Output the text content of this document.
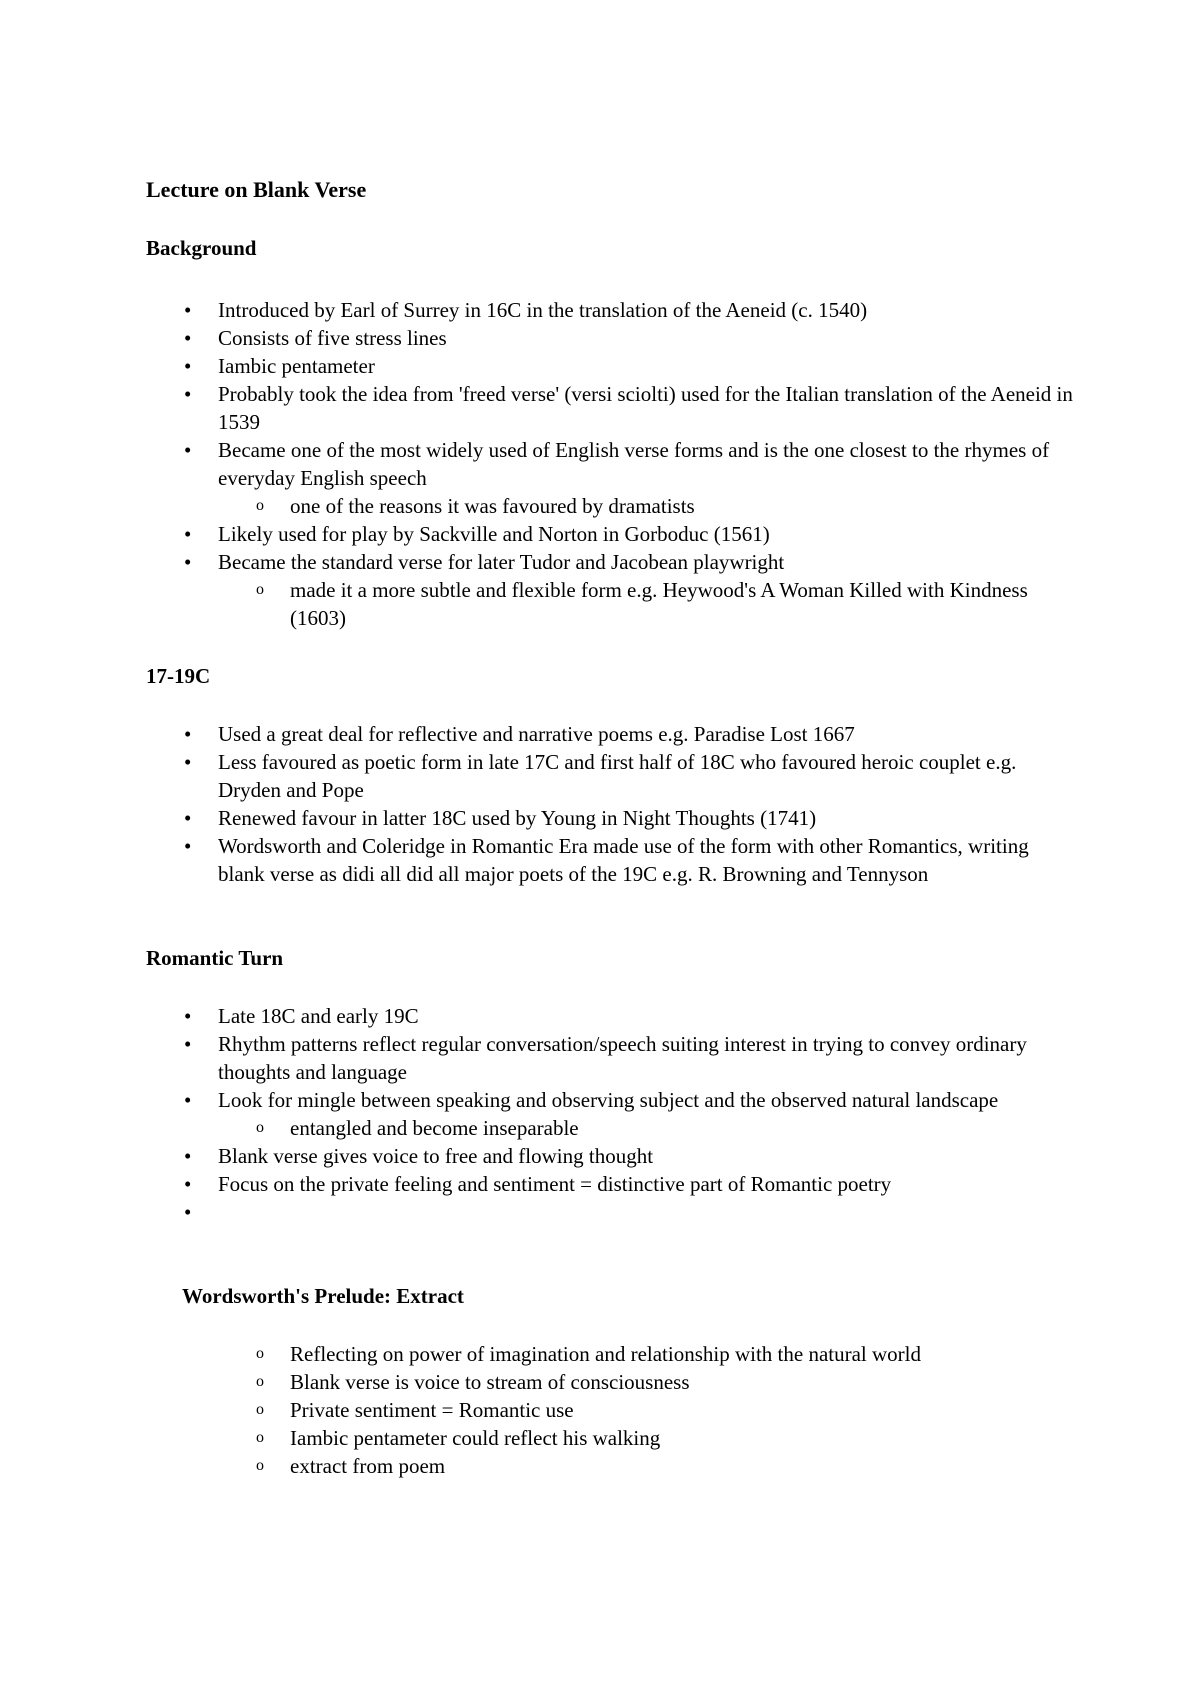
Lecture on Blank Verse
Background
• Introduced by Earl of Surrey in 16C in the translation of the Aeneid (c. 1540)
• Consists of five stress lines
• Iambic pentameter
• Probably took the idea from 'freed verse' (versi sciolti) used for the Italian translation of the Aeneid in 1539
• Became one of the most widely used of English verse forms and is the one closest to the rhymes of everyday English speech
o one of the reasons it was favoured by dramatists
• Likely used for play by Sackville and Norton in Gorboduc (1561)
• Became the standard verse for later Tudor and Jacobean playwright
o made it a more subtle and flexible form e.g. Heywood's A Woman Killed with Kindness (1603)
17-19C
• Used a great deal for reflective and narrative poems e.g. Paradise Lost 1667
• Less favoured as poetic form in late 17C and first half of 18C who favoured heroic couplet e.g. Dryden and Pope
• Renewed favour in latter 18C used by Young in Night Thoughts (1741)
• Wordsworth and Coleridge in Romantic Era made use of the form with other Romantics, writing blank verse as didi all did all major poets of the 19C e.g. R. Browning and Tennyson
Romantic Turn
• Late 18C and early 19C
• Rhythm patterns reflect regular conversation/speech suiting interest in trying to convey ordinary thoughts and language
• Look for mingle between speaking and observing subject and the observed natural landscape
o entangled and become inseparable
• Blank verse gives voice to free and flowing thought
• Focus on the private feeling and sentiment = distinctive part of Romantic poetry
•
Wordsworth's Prelude: Extract
o Reflecting on power of imagination and relationship with the natural world
o Blank verse is voice to stream of consciousness
o Private sentiment = Romantic use
o Iambic pentameter could reflect his walking
o extract from poem
